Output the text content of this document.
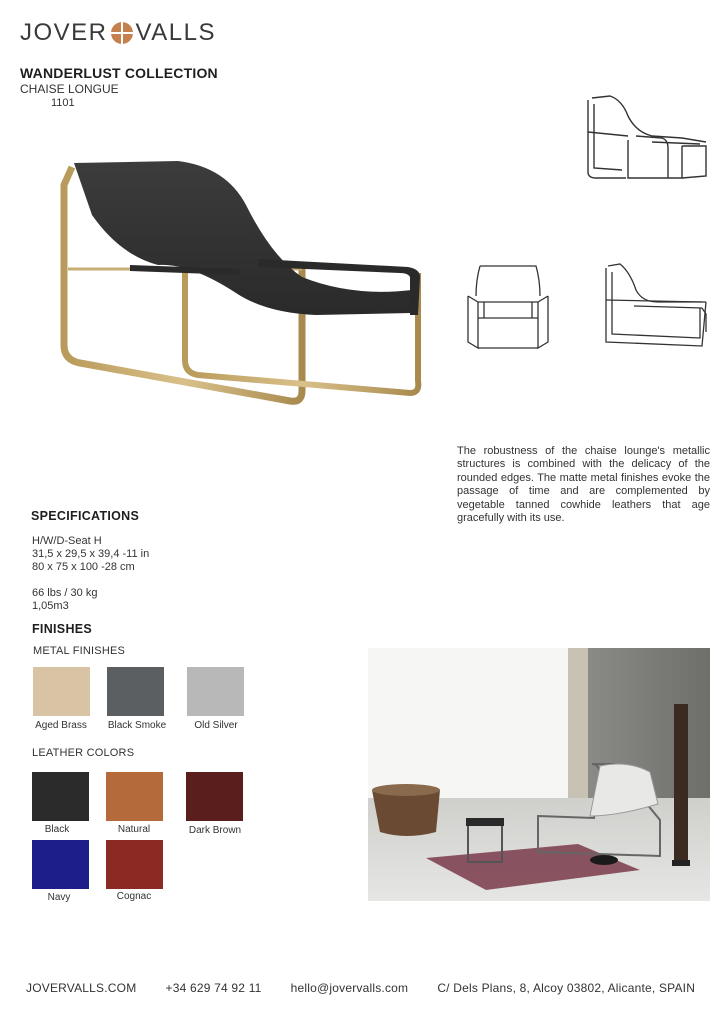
JOVER VALLS
WANDERLUST COLLECTION
CHAISE LONGUE
1101
The robustness of the chaise lounge's metallic structures is combined with the delicacy of the rounded edges. The matte metal finishes evoke the passage of time and are complemented by vegetable tanned cowhide leathers that age gracefully with its use.
SPECIFICATIONS
H/W/D-Seat H
31,5 x 29,5 x 39,4 -11 in
80 x 75 x 100 -28 cm
66 lbs / 30 kg
1,05m3
FINISHES
METAL FINISHES
Aged Brass	Black Smoke	Old Silver
LEATHER COLORS
Black	Natural	Dark Brown
Navy	Cognac
JOVERVALLS.COM +34 629 74 92 11 hello@jovervalls.com C/ Dels Plans, 8, Alcoy 03802, Alicante, SPAIN
